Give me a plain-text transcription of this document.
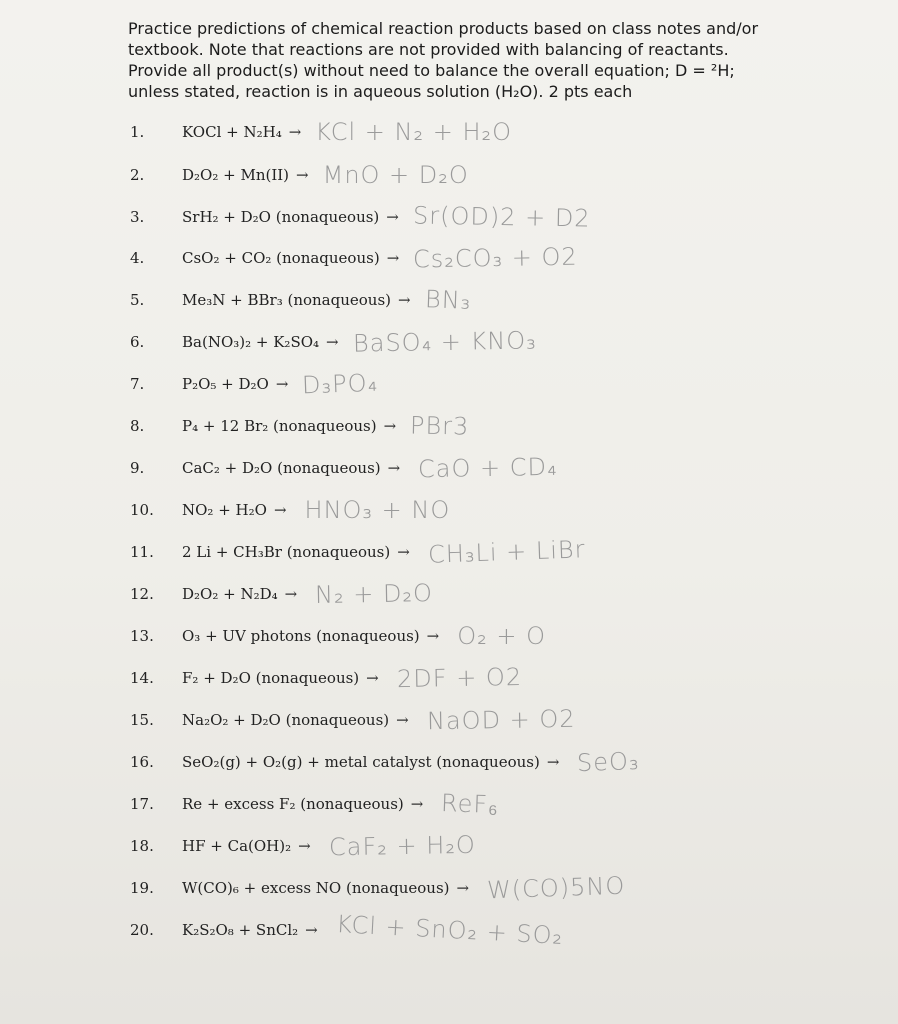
Practice predictions of chemical reaction products based on class notes and/or

textbook. Note that reactions are not provided with balancing of reactants.

Provide all product(s) without need to balance the overall equation; D = ²H;

unless stated, reaction is in aqueous solution (H₂O). 2 pts each

1.	KOCl + N₂H₄ → KCl + N₂ + H₂O
2.	D₂O₂ + Mn(II) → MnO + D₂O
3.	SrH₂ + D₂O (nonaqueous) → Sr(OD)2 + D2
4.	CsO₂ + CO₂ (nonaqueous) → Cs₂CO₃ + O2
5.	Me₃N + BBr₃ (nonaqueous) → BN₃
6.	Ba(NO₃)₂ + K₂SO₄ → BaSO₄ + KNO₃
7.	P₂O₅ + D₂O → D₃PO₄
8.	P₄ + 12 Br₂ (nonaqueous) → PBr3
9.	CaC₂ + D₂O (nonaqueous) → CaO + CD₄
10.	NO₂ + H₂O → HNO₃ + NO
11.	2 Li + CH₃Br (nonaqueous) → CH₃Li + LiBr
12.	D₂O₂ + N₂D₄ → N₂ + D₂O
13.	O₃ + UV photons (nonaqueous) → O₂ + O
14.	F₂ + D₂O (nonaqueous) → 2DF + O2
15.	Na₂O₂ + D₂O (nonaqueous) → NaOD + O2
16.	SeO₂(g) + O₂(g) + metal catalyst (nonaqueous) → SeO₃
17.	Re + excess F₂ (nonaqueous) → ReF₆
18.	HF + Ca(OH)₂ → CaF₂ + H₂O
19.	W(CO)₆ + excess NO (nonaqueous) → W(CO)5NO
20.	K₂S₂O₈ + SnCl₂ → KCl + SnO₂ + SO₂
